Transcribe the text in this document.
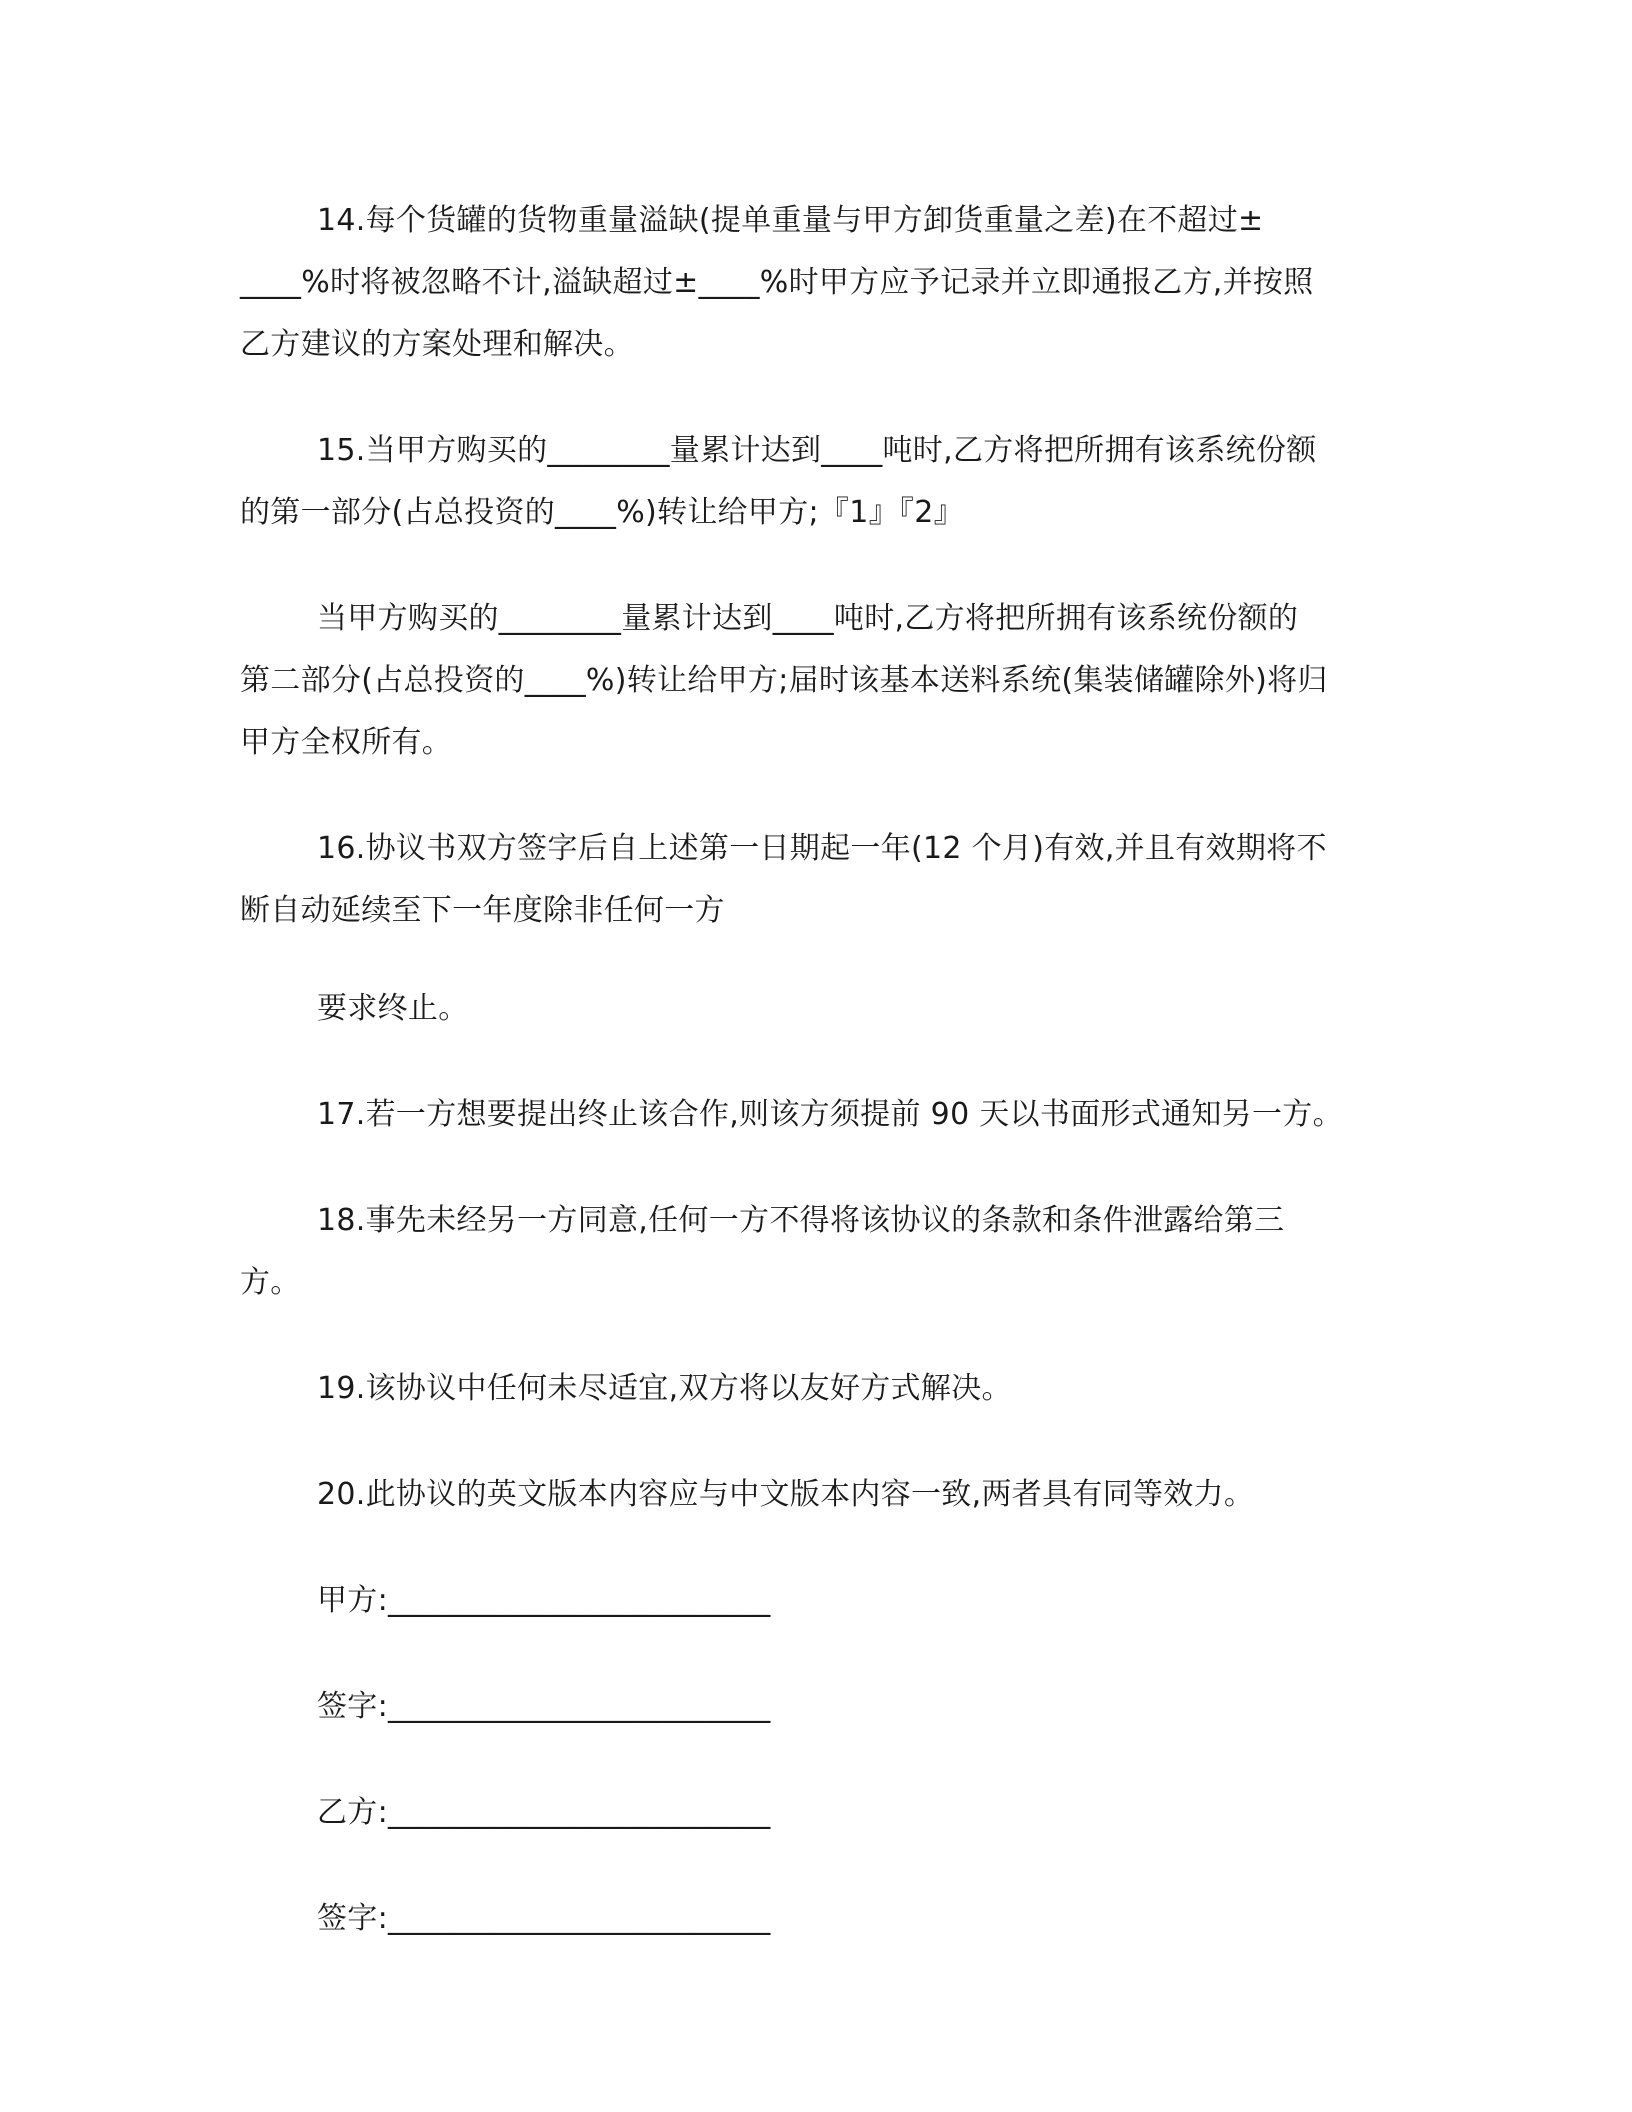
14.每个货罐的货物重量溢缺(提单重量与甲方卸货重量之差)在不超过±
____%时将被忽略不计,溢缺超过±____%时甲方应予记录并立即通报乙方,并按照
乙方建议的方案处理和解决。
15.当甲方购买的________量累计达到____吨时,乙方将把所拥有该系统份额
的第一部分(占总投资的____%)转让给甲方;『1』『2』
当甲方购买的________量累计达到____吨时,乙方将把所拥有该系统份额的
第二部分(占总投资的____%)转让给甲方;届时该基本送料系统(集装储罐除外)将归
甲方全权所有。
16.协议书双方签字后自上述第一日期起一年(12 个月)有效,并且有效期将不
断自动延续至下一年度除非任何一方
要求终止。
17.若一方想要提出终止该合作,则该方须提前 90 天以书面形式通知另一方。
18.事先未经另一方同意,任何一方不得将该协议的条款和条件泄露给第三
方。
19.该协议中任何未尽适宜,双方将以友好方式解决。
20.此协议的英文版本内容应与中文版本内容一致,两者具有同等效力。
甲方:_________________________
签字:_________________________
乙方:_________________________
签字:_________________________
